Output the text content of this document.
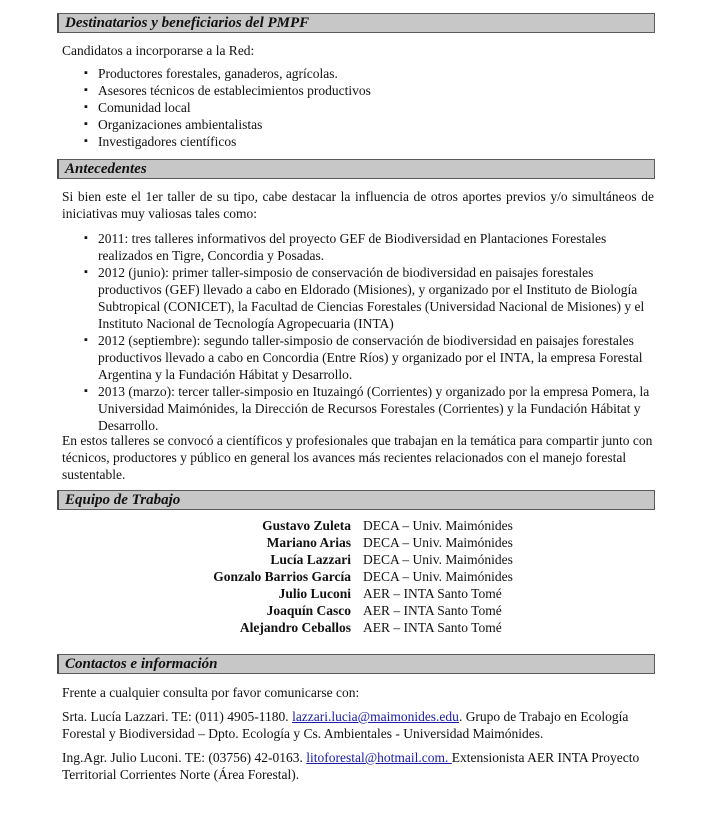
Destinatarios y beneficiarios del PMPF
Candidatos a incorporarse a la Red:
▪ Productores forestales, ganaderos, agrícolas.
▪ Asesores técnicos de establecimientos productivos
▪ Comunidad local
▪ Organizaciones ambientalistas
▪ Investigadores científicos
Antecedentes
Si bien este el 1er taller de su tipo, cabe destacar la influencia de otros aportes previos y/o simultáneos de iniciativas muy valiosas tales como:
▪ 2011: tres talleres informativos del proyecto GEF de Biodiversidad en Plantaciones Forestales realizados en Tigre, Concordia y Posadas.
▪ 2012 (junio): primer taller-simposio de conservación de biodiversidad en paisajes forestales productivos (GEF) llevado a cabo en Eldorado (Misiones), y organizado por el Instituto de Biología Subtropical (CONICET), la Facultad de Ciencias Forestales (Universidad Nacional de Misiones) y el Instituto Nacional de Tecnología Agropecuaria (INTA)
▪ 2012 (septiembre): segundo taller-simposio de conservación de biodiversidad en paisajes forestales productivos llevado a cabo en Concordia (Entre Ríos) y organizado por el INTA, la empresa Forestal Argentina y la Fundación Hábitat y Desarrollo.
▪ 2013 (marzo): tercer taller-simposio en Ituzaingó (Corrientes) y organizado por la empresa Pomera, la Universidad Maimónides, la Dirección de Recursos Forestales (Corrientes) y la Fundación Hábitat y Desarrollo.
En estos talleres se convocó a científicos y profesionales que trabajan en la temática para compartir junto con técnicos, productores y público en general los avances más recientes relacionados con el manejo forestal sustentable.
Equipo de Trabajo
Gustavo Zuleta	DECA – Univ. Maimónides
Mariano Arias	DECA – Univ. Maimónides
Lucía Lazzari	DECA – Univ. Maimónides
Gonzalo Barrios García	DECA – Univ. Maimónides
Julio Luconi	AER – INTA Santo Tomé
Joaquín Casco	AER – INTA Santo Tomé
Alejandro Ceballos	AER – INTA Santo Tomé
Contactos e información
Frente a cualquier consulta por favor comunicarse con:
Srta. Lucía Lazzari. TE: (011) 4905-1180. lazzari.lucia@maimonides.edu. Grupo de Trabajo en Ecología Forestal y Biodiversidad – Dpto. Ecología y Cs. Ambientales - Universidad Maimónides.
Ing.Agr. Julio Luconi. TE: (03756) 42-0163. litoforestal@hotmail.com. Extensionista AER INTA Proyecto Territorial Corrientes Norte (Área Forestal).
